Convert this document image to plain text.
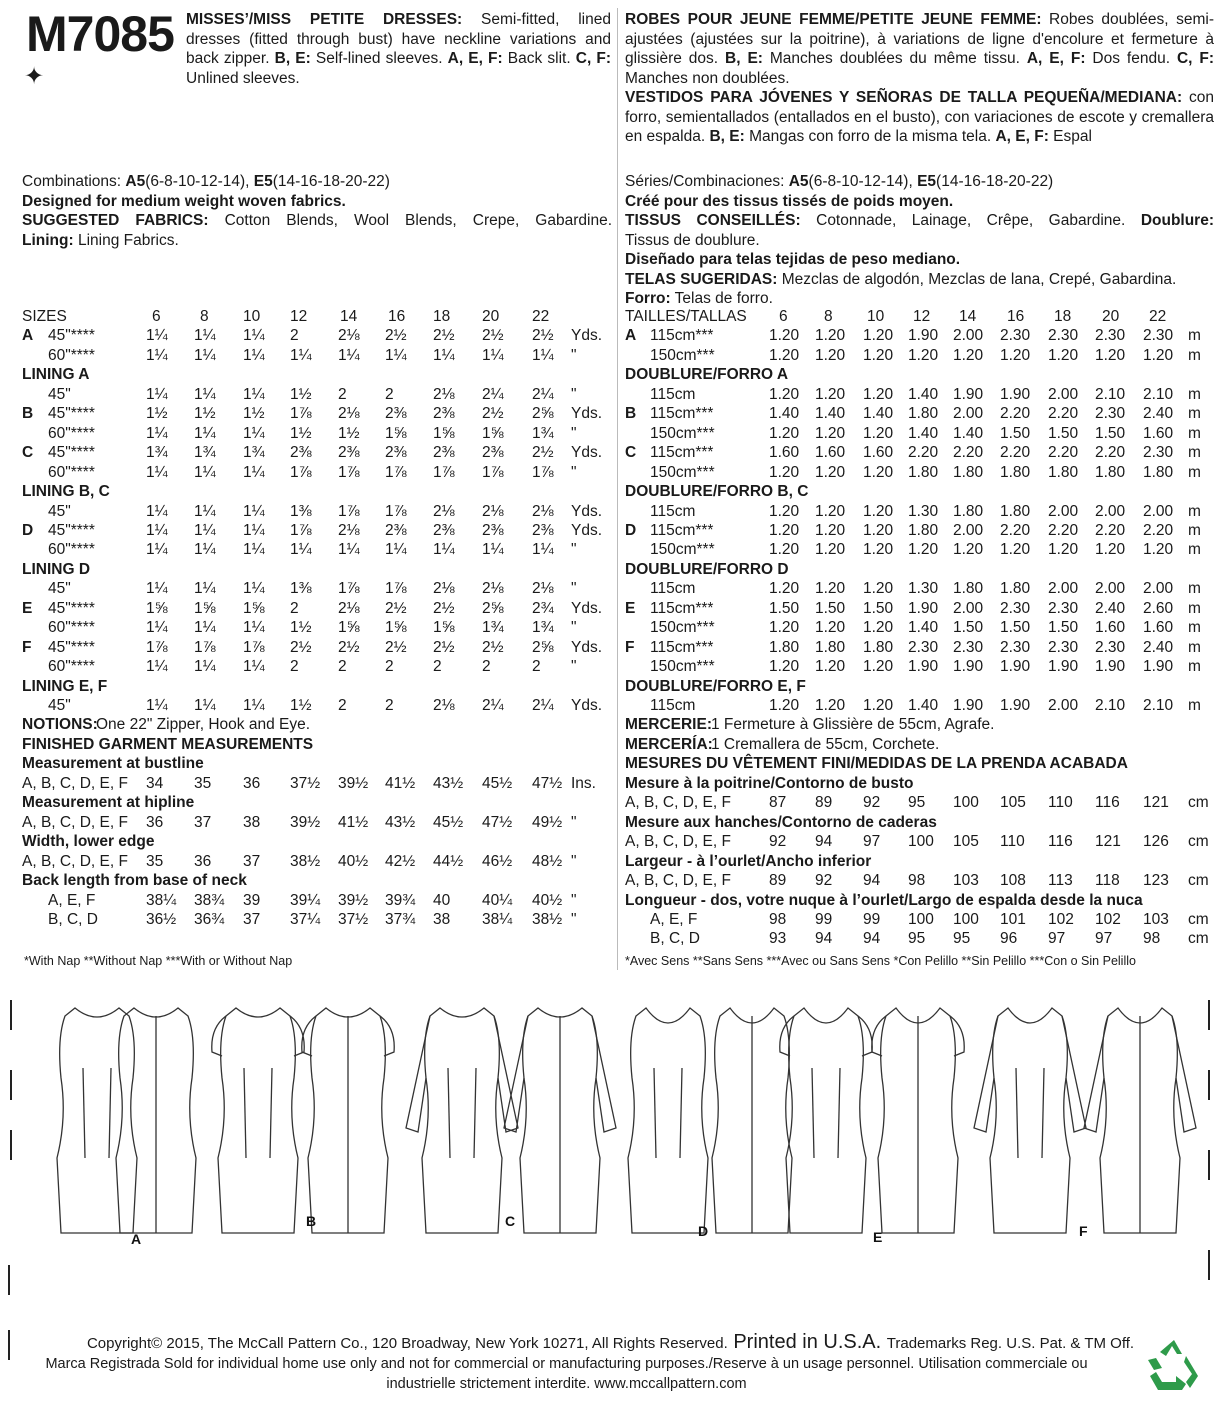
M7085
✦
MISSES’/MISS PETITE DRESSES: Semi-fitted, lined dresses (fitted through bust) have neckline variations and back zipper. B, E: Self-lined sleeves. A, E, F: Back slit. C, F: Unlined sleeves.
ROBES POUR JEUNE FEMME/PETITE JEUNE FEMME: Robes doublées, semi-ajustées (ajustées sur la poitrine), à variations de ligne d'encolure et fermeture à glissière dos. B, E: Manches doublées du même tissu. A, E, F: Dos fendu. C, F: Manches non doublées.
VESTIDOS PARA JÓVENES Y SEÑORAS DE TALLA PEQUEÑA/MEDIANA: con forro, semientallados (entallados en el busto), con variaciones de escote y cremallera en espalda. B, E: Mangas con forro de la misma tela. A, E, F: Espal
Combinations: A5(6-8-10-12-14), E5(14-16-18-20-22)
Designed for medium weight woven fabrics.
SUGGESTED FABRICS: Cotton Blends, Wool Blends, Crepe, Gabardine.
Lining: Lining Fabrics.
Séries/Combinaciones: A5(6-8-10-12-14), E5(14-16-18-20-22)
Créé pour des tissus tissés de poids moyen.
TISSUS CONSEILLÉS: Cotonnade, Lainage, Crêpe, Gabardine. Doublure:
Tissus de doublure.
Diseñado para telas tejidas de peso mediano.
TELAS SUGERIDAS: Mezclas de algodón, Mezclas de lana, Crepé, Gabardina.
Forro: Telas de forro.
SIZES	6	8 10 12 14 16 18 20 22
A 45"****	1¼ 1¼ 1¼ 2	2⅛ 2½ 2½ 2½ 2½ Yds.
60"****	1¼ 1¼ 1¼ 1¼ 1¼ 1¼ 1¼ 1¼ 1¼ "
LINING A
45"	1¼ 1¼ 1¼ 1½ 2 2	2⅛ 2¼ 2¼ "
B 45"****	1½ 1½ 1½ 1⅞ 2⅛ 2⅜ 2⅜ 2½ 2⅝ Yds.
60"****	1¼ 1¼ 1¼ 1½ 1½ 1⅝ 1⅝ 1⅝ 1¾ "
C 45"****	1¾ 1¾ 1¾ 2⅜ 2⅜ 2⅜ 2⅜ 2⅜ 2½ Yds.
60"****	1¼ 1¼ 1¼ 1⅞ 1⅞ 1⅞ 1⅞ 1⅞ 1⅞ "
LINING B, C
45"	1¼ 1¼ 1¼ 1⅜ 1⅞ 1⅞ 2⅛ 2⅛ 2⅛ Yds.
D 45"****	1¼ 1¼ 1¼ 1⅞ 2⅛ 2⅜ 2⅜ 2⅜ 2⅜ Yds.
60"****	1¼ 1¼ 1¼ 1¼ 1¼ 1¼ 1¼ 1¼ 1¼ "
LINING D
45"	1¼ 1¼ 1¼ 1⅜ 1⅞ 1⅞ 2⅛ 2⅛ 2⅛ "
E 45"****	1⅝ 1⅝ 1⅝ 2	2⅛ 2½ 2½ 2⅝ 2¾ Yds.
60"****	1¼ 1¼ 1¼ 1½ 1⅝ 1⅝ 1⅝ 1¾ 1¾ "
F 45"****	1⅞ 1⅞ 1⅞ 2½ 2½ 2½ 2½ 2½ 2⅝ Yds.
60"****	1¼ 1¼ 1¼ 2	2 2	2	2	2 "
LINING E, F
45"	1¼ 1¼ 1¼ 1½ 2 2	2⅛ 2¼ 2¼ Yds.
NOTIONS:
One 22" Zipper, Hook and Eye.
FINISHED GARMENT MEASUREMENTS
Measurement at bustline
A, B, C, D, E, F 34 35 36 37½ 39½ 41½ 43½ 45½ 47½ Ins.
Measurement at hipline
A, B, C, D, E, F 36 37 38 39½ 41½ 43½ 45½ 47½ 49½ "
Width, lower edge
A, B, C, D, E, F 35 36 37 38½ 40½ 42½ 44½ 46½ 48½ "
Back length from base of neck
A, E, F	38¼ 38¾ 39 39¼ 39½ 39¾ 40 40¼ 40½ "
B, C, D	36½ 36¾ 37 37¼ 37½ 37¾ 38 38¼ 38½ "
TAILLES/TALLAS 6 8 10 12 14 16 18 20 22
A 115cm***	1.20 1.20 1.20 1.90 2.00 2.30 2.30 2.30 2.30 m
150cm***	1.20 1.20 1.20 1.20 1.20 1.20 1.20 1.20 1.20 m
DOUBLURE/FORRO A
115cm	1.20 1.20 1.20 1.40 1.90 1.90 2.00 2.10 2.10 m
B 115cm***	1.40 1.40 1.40 1.80 2.00 2.20 2.20 2.30 2.40 m
150cm***	1.20 1.20 1.20 1.40 1.40 1.50 1.50 1.50 1.60 m
C 115cm***	1.60 1.60 1.60 2.20 2.20 2.20 2.20 2.20 2.30 m
150cm***	1.20 1.20 1.20 1.80 1.80 1.80 1.80 1.80 1.80 m
DOUBLURE/FORRO B, C
115cm	1.20 1.20 1.20 1.30 1.80 1.80 2.00 2.00 2.00 m
D 115cm***	1.20 1.20 1.20 1.80 2.00 2.20 2.20 2.20 2.20 m
150cm***	1.20 1.20 1.20 1.20 1.20 1.20 1.20 1.20 1.20 m
DOUBLURE/FORRO D
115cm	1.20 1.20 1.20 1.30 1.80 1.80 2.00 2.00 2.00 m
E 115cm***	1.50 1.50 1.50 1.90 2.00 2.30 2.30 2.40 2.60 m
150cm***	1.20 1.20 1.20 1.40 1.50 1.50 1.50 1.60 1.60 m
F 115cm***	1.80 1.80 1.80 2.30 2.30 2.30 2.30 2.30 2.40 m
150cm***	1.20 1.20 1.20 1.90 1.90 1.90 1.90 1.90 1.90 m
DOUBLURE/FORRO E, F
115cm	1.20 1.20 1.20 1.40 1.90 1.90 2.00 2.10 2.10 m
MERCERIE: 1 Fermeture à Glissière de 55cm, Agrafe.
MERCERÍA:
1 Cremallera de 55cm, Corchete.
MESURES DU VÊTEMENT FINI/MEDIDAS DE LA PRENDA ACABADA
Mesure à la poitrine/Contorno de busto
A, B, C, D, E, F 87 89 92 95 100 105 110 116 121 cm
Mesure aux hanches/Contorno de caderas
A, B, C, D, E, F 92 94 97 100 105 110 116 121 126 cm
Largeur - à l’ourlet/Ancho inferior
A, B, C, D, E, F 89 92 94 98 103 108 113 118 123 cm
Longueur - dos, votre nuque à l’ourlet/Largo de espalda desde la nuca
A, E, F	98 99 99 100 100 101 102 102 103 cm
B, C, D	93 94 94 95 95 96 97 97 98 cm
*With Nap **Without Nap ***With or Without Nap	*Avec Sens **Sans Sens ***Avec ou Sans Sens *Con Pelillo **Sin Pelillo ***Con o Sin Pelillo
A
B	C
D	E	F
Copyright© 2015, The McCall Pattern Co., 120 Broadway, New York 10271, All Rights Reserved. Printed in U.S.A. Trademarks Reg. U.S. Pat. & TM Off.
Marca Registrada Sold for individual home use only and not for commercial or manufacturing purposes./Reserve à un usage personnel. Utilisation commerciale ou
industrielle strictement interdite. www.mccallpattern.com
